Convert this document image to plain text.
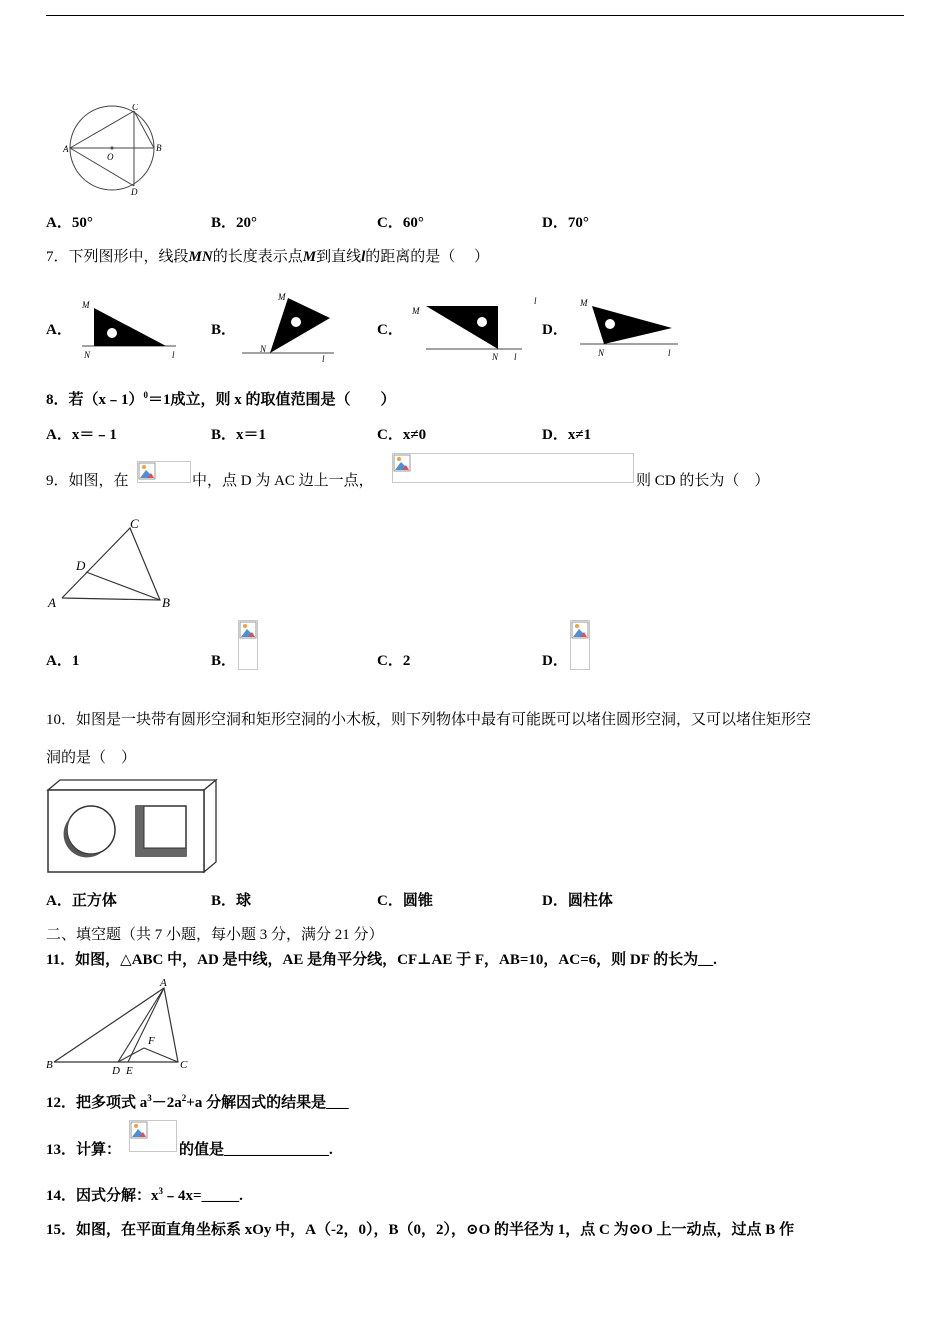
A
O
B
C
D
A．50°	B．20°	C．60°	D．70°
7．下列图形中，线段MN的长度表示点M到直线l的距离的是（　 ）
A．
M
N	l
B．
M
N
l
C．
M
N l
l
D．
M
N	l
8．若（x﹣1）$^0$＝1成立，则 x 的取值范围是（　　）
A．x＝﹣1	B．x＝1	C．x≠0	D．x≠1
9．如图，在	中，点 D 为 AC 边上一点，	则 CD 的长为（　）
C
D
A	B
A．1	B．	C．2	D．
10．如图是一块带有圆形空洞和矩形空洞的小木板，则下列物体中最有可能既可以堵住圆形空洞，又可以堵住矩形空
洞的是（　）
A．正方体	B．球	C．圆锥	D．圆柱体
二、填空题（共 7 小题，每小题 3 分，满分 21 分）
11．如图，△ABC 中，AD 是中线，AE 是角平分线，CF⊥AE 于 F，AB=10，AC=6，则 DF 的长为__.
A
B	C
D E
F
12．把多项式 $a^3-2a^2+a$ 分解因式的结果是___
13．计算：	的值是______________.
14．因式分解：$x^3﹣4x=\_\_\_\_\_$.
15．如图，在平面直角坐标系 xOy 中，A（-2，0），B（0，2），⊙O 的半径为 1，点 C 为⊙O 上一动点，过点 B 作
